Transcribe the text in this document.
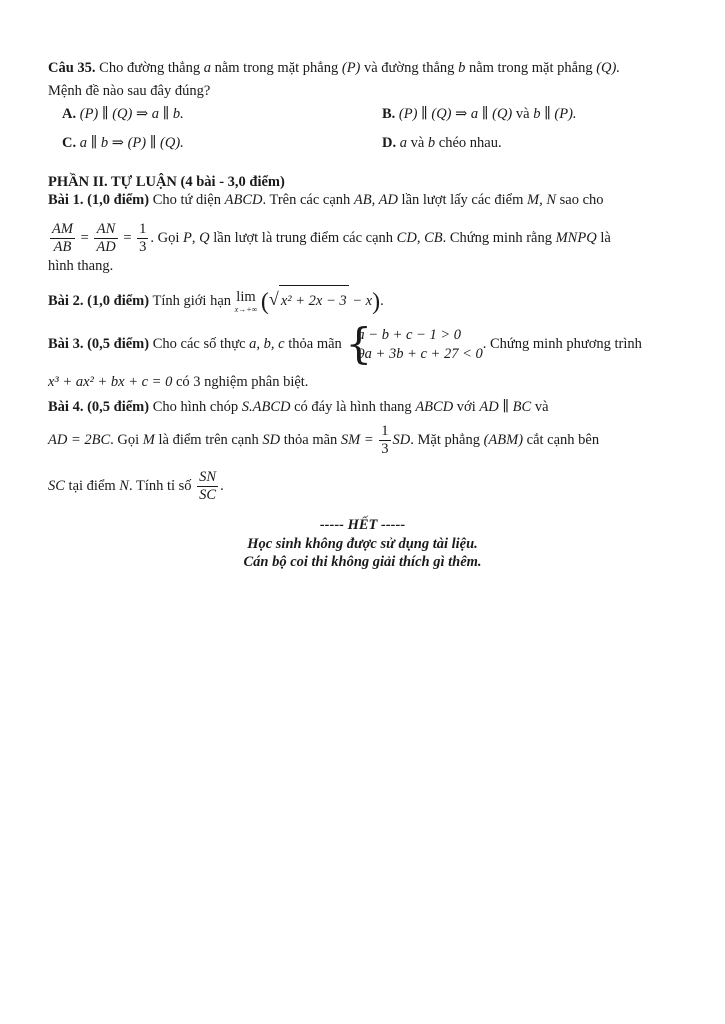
Câu 35. Cho đường thẳng a nằm trong mặt phẳng (P) và đường thẳng b nằm trong mặt phẳng (Q).
Mệnh đề nào sau đây đúng?
A. (P) ∥ (Q) ⇒ a ∥ b.	B. (P) ∥ (Q) ⇒ a ∥ (Q) và b ∥ (P).
C. a ∥ b ⇒ (P) ∥ (Q).	D. a và b chéo nhau.
PHẦN II. TỰ LUẬN (4 bài - 3,0 điểm)
Bài 1. (1,0 điểm) Cho tứ diện ABCD. Trên các cạnh AB, AD lần lượt lấy các điểm M, N sao cho
$\frac{AM}{AB} = \frac{AN}{AD} = \frac{1}{3}$ . Gọi P, Q lần lượt là trung điểm các cạnh CD, CB. Chứng minh rằng MNPQ là
hình thang.
Bài 2. (1,0 điểm) Tính giới hạn lim
x→+∞ (√ x² + 2x − 3 − x).
Bài 3. (0,5 điểm) Cho các số thực a, b, c thỏa mãn {
a − b + c − 1 > 0
9a + 3b + c + 27 < 0
. Chứng minh phương trình
x³ + ax² + bx + c = 0 có 3 nghiệm phân biệt.
Bài 4. (0,5 điểm) Cho hình chóp S.ABCD có đáy là hình thang ABCD với AD ∥ BC và
AD = 2BC. Gọi M là điểm trên cạnh SD thỏa mãn SM = $\frac{1}{3}$ SD. Mặt phẳng (ABM) cắt cạnh bên
SC tại điểm N. Tính tỉ số $\frac{SN}{SC}$ .
----- HẾT -----
Học sinh không được sử dụng tài liệu.
Cán bộ coi thi không giải thích gì thêm.
